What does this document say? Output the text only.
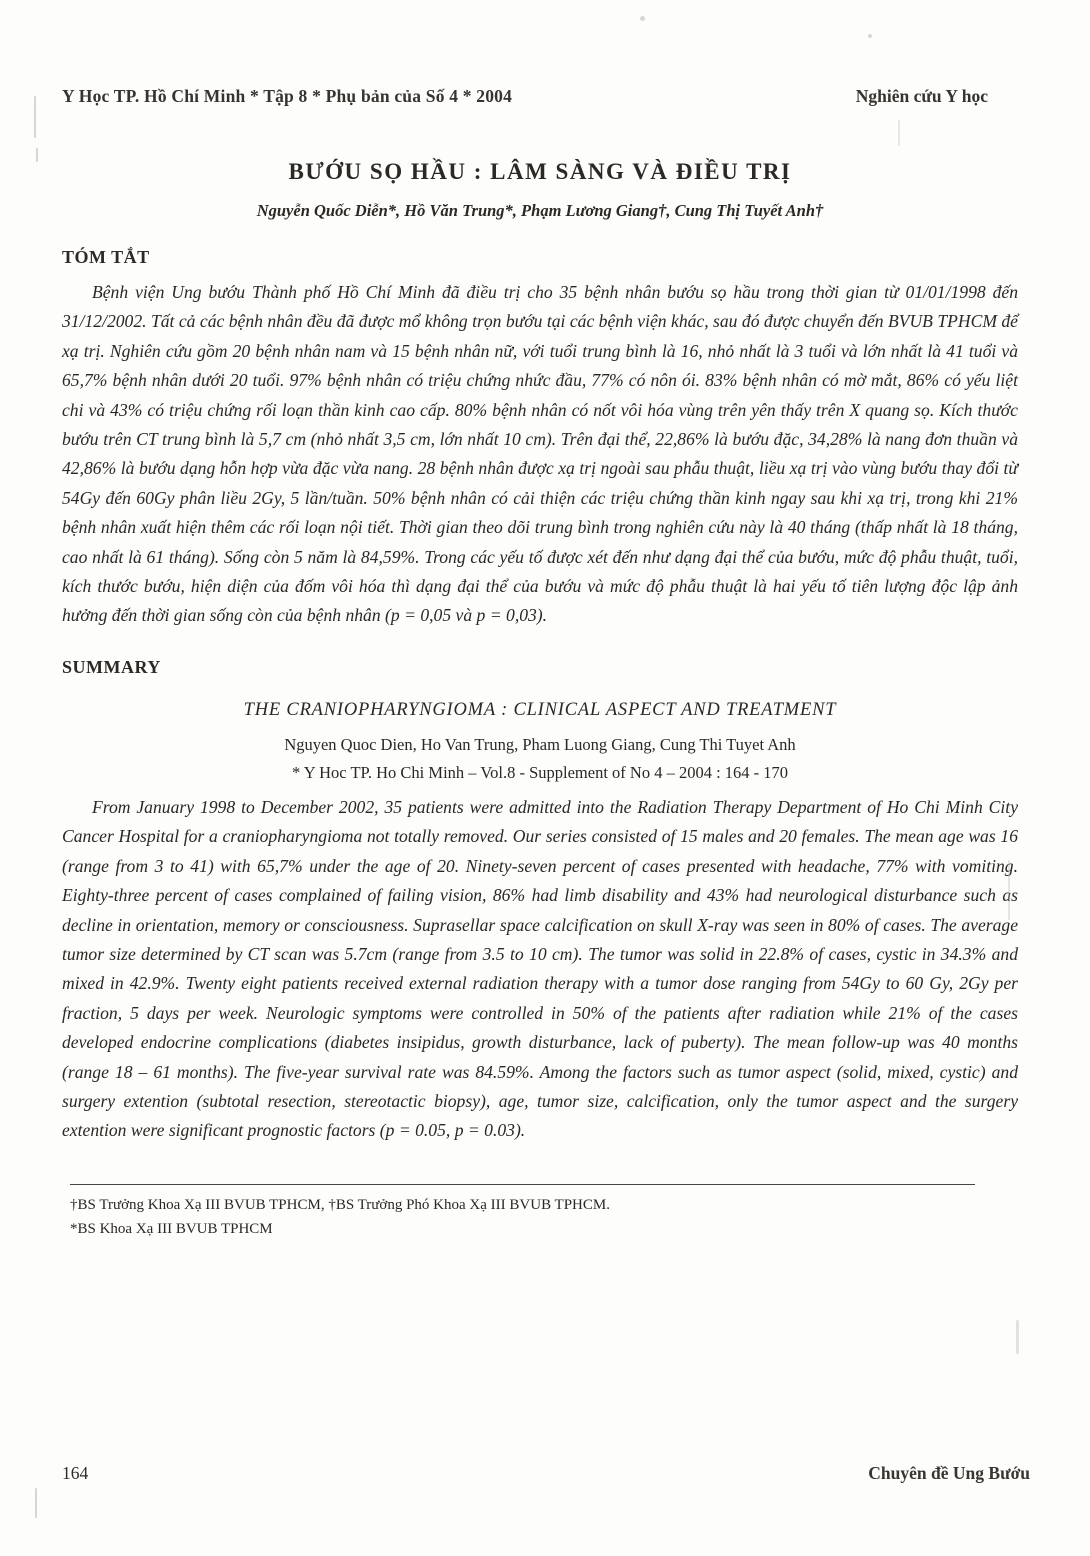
Y Học TP. Hồ Chí Minh * Tập 8 * Phụ bản của Số 4 * 2004	Nghiên cứu Y học
BƯỚU SỌ HẦU : LÂM SÀNG VÀ ĐIỀU TRỊ
Nguyễn Quốc Diễn*, Hồ Văn Trung*, Phạm Lương Giang†, Cung Thị Tuyết Anh†
TÓM TẮT

Bệnh viện Ung bướu Thành phố Hồ Chí Minh đã điều trị cho 35 bệnh nhân bướu sọ hầu trong thời gian từ 01/01/1998 đến 31/12/2002. Tất cả các bệnh nhân đều đã được mổ không trọn bướu tại các bệnh viện khác, sau đó được chuyển đến BVUB TPHCM để xạ trị. Nghiên cứu gồm 20 bệnh nhân nam và 15 bệnh nhân nữ, với tuổi trung bình là 16, nhỏ nhất là 3 tuổi và lớn nhất là 41 tuổi và 65,7% bệnh nhân dưới 20 tuổi. 97% bệnh nhân có triệu chứng nhức đầu, 77% có nôn ói. 83% bệnh nhân có mờ mắt, 86% có yếu liệt chi và 43% có triệu chứng rối loạn thần kinh cao cấp. 80% bệnh nhân có nốt vôi hóa vùng trên yên thấy trên X quang sọ. Kích thước bướu trên CT trung bình là 5,7 cm (nhỏ nhất 3,5 cm, lớn nhất 10 cm). Trên đại thể, 22,86% là bướu đặc, 34,28% là nang đơn thuần và 42,86% là bướu dạng hỗn hợp vừa đặc vừa nang. 28 bệnh nhân được xạ trị ngoài sau phẫu thuật, liều xạ trị vào vùng bướu thay đổi từ 54Gy đến 60Gy phân liều 2Gy, 5 lần/tuần. 50% bệnh nhân có cải thiện các triệu chứng thần kinh ngay sau khi xạ trị, trong khi 21% bệnh nhân xuất hiện thêm các rối loạn nội tiết. Thời gian theo dõi trung bình trong nghiên cứu này là 40 tháng (thấp nhất là 18 tháng, cao nhất là 61 tháng). Sống còn 5 năm là 84,59%. Trong các yếu tố được xét đến như dạng đại thể của bướu, mức độ phẫu thuật, tuổi, kích thước bướu, hiện diện của đốm vôi hóa thì dạng đại thể của bướu và mức độ phẫu thuật là hai yếu tố tiên lượng độc lập ảnh hưởng đến thời gian sống còn của bệnh nhân (p = 0,05 và p = 0,03).

SUMMARY
THE CRANIOPHARYNGIOMA : CLINICAL ASPECT AND TREATMENT
Nguyen Quoc Dien, Ho Van Trung, Pham Luong Giang, Cung Thi Tuyet Anh
* Y Hoc TP. Ho Chi Minh – Vol.8 - Supplement of No 4 – 2004 : 164 - 170

From January 1998 to December 2002, 35 patients were admitted into the Radiation Therapy Department of Ho Chi Minh City Cancer Hospital for a craniopharyngioma not totally removed. Our series consisted of 15 males and 20 females. The mean age was 16 (range from 3 to 41) with 65,7% under the age of 20. Ninety-seven percent of cases presented with headache, 77% with vomiting. Eighty-three percent of cases complained of failing vision, 86% had limb disability and 43% had neurological disturbance such as decline in orientation, memory or consciousness. Suprasellar space calcification on skull X-ray was seen in 80% of cases. The average tumor size determined by CT scan was 5.7cm (range from 3.5 to 10 cm). The tumor was solid in 22.8% of cases, cystic in 34.3% and mixed in 42.9%. Twenty eight patients received external radiation therapy with a tumor dose ranging from 54Gy to 60 Gy, 2Gy per fraction, 5 days per week. Neurologic symptoms were controlled in 50% of the patients after radiation while 21% of the cases developed endocrine complications (diabetes insipidus, growth disturbance, lack of puberty). The mean follow-up was 40 months (range 18 – 61 months). The five-year survival rate was 84.59%. Among the factors such as tumor aspect (solid, mixed, cystic) and surgery extention (subtotal resection, stereotactic biopsy), age, tumor size, calcification, only the tumor aspect and the surgery extention were significant prognostic factors (p = 0.05, p = 0.03).

†BS Trưởng Khoa Xạ III BVUB TPHCM, †BS Trưởng Phó Khoa Xạ III BVUB TPHCM.
*BS Khoa Xạ III BVUB TPHCM
164	Chuyên đề Ung Bướu
